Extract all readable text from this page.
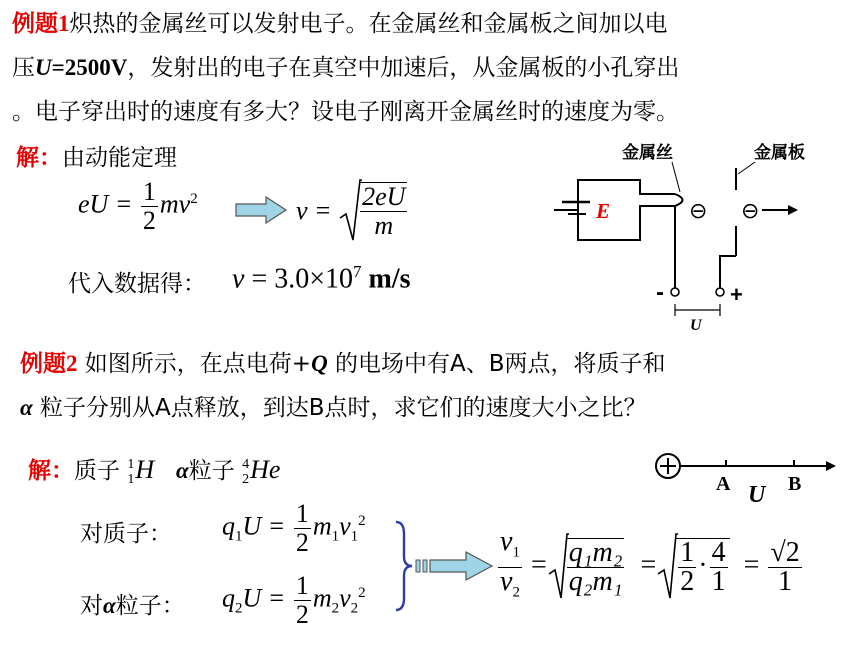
例题1炽热的金属丝可以发射电子。在金属丝和金属板之间加以电
压U=2500V，发射出的电子在真空中加速后，从金属板的小孔穿出
。电子穿出时的速度有多大？设电子刚离开金属丝时的速度为零。
解：由动能定理
eU = $\frac{1}{2} mv^2$	$v = \frac{2eU}{m}$
代入数据得： $v = 3.0\times 10^7$ m/s
金属丝	金属板
E	⊖ ⊖
-	+
U
例题2 如图所示，在点电荷+Q 的电场中有A、B两点，将质子和
α 粒子分别从A点释放，到达B点时，求它们的速度大小之比？
解：质子 1
1H α粒子 4
2He	A	B
U
对质子： $q_1U = \frac{1}{2} m_1v_1^2$
对α粒子： $q_2U = \frac{1}{2} m_2v_2^2$	$\frac{v_1}{v_2} = \frac{\text{q₁m₂}}{\text{q₂m₁}} = \frac{1}{2} \cdot \frac{4}{1} = \frac{√2}{1}$
